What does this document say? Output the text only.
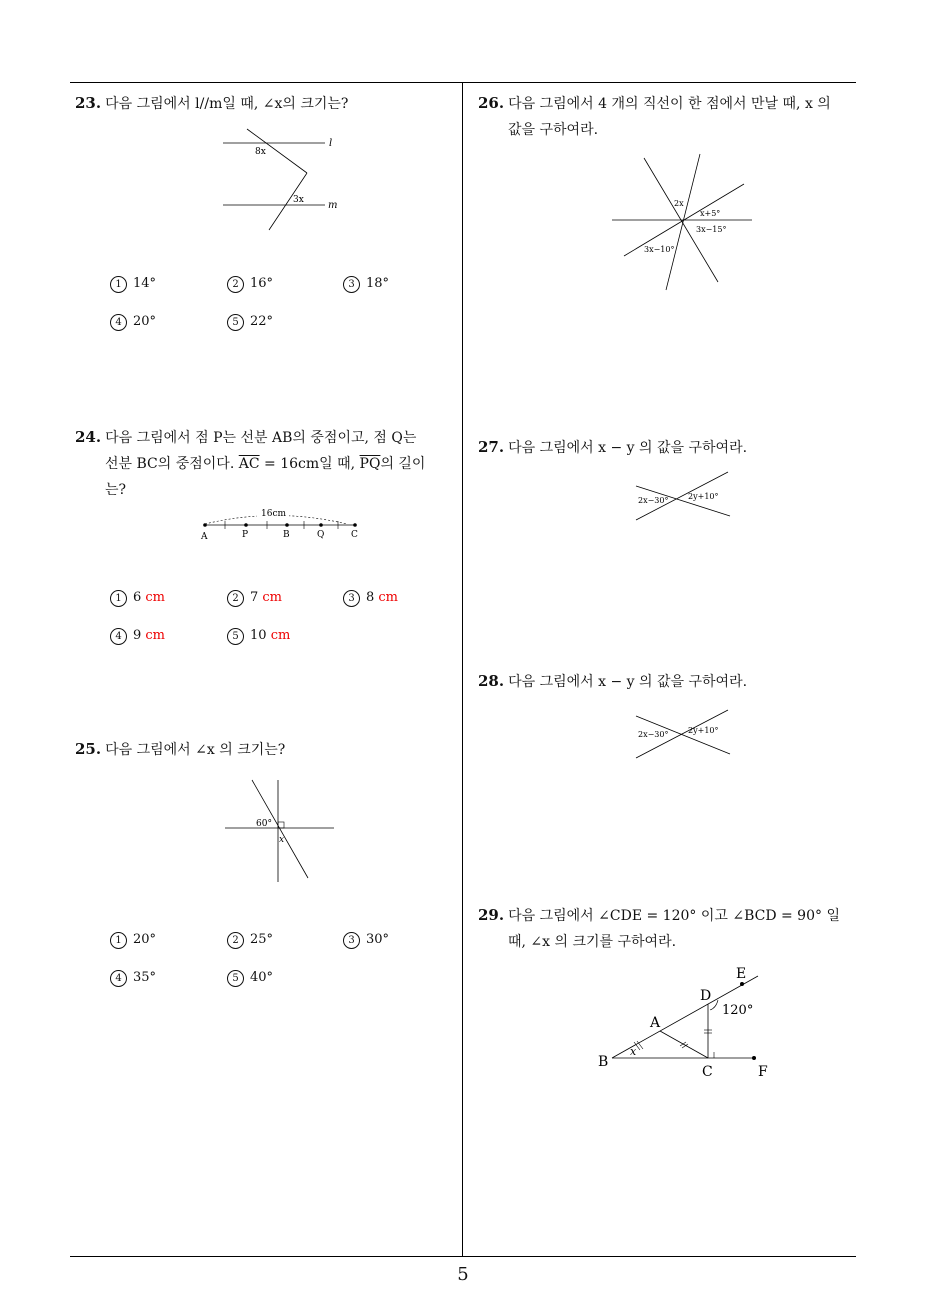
5
23. 다음 그림에서 l//m일 때, ∠x의 크기는?
l
m
8x
3x
1 14°	2 16°	3 18°
4 20°	5 22°
24. 다음 그림에서 점 P는 선분 AB의 중점이고, 점 Q는
선분 BC의 중점이다. $\overline{AC} = 16cm$일 때, $\overline{PQ}$의 길이
는?
16cm
A	P	B	Q	C
1 6 cm	2 7 cm	3 8 cm
4 9 cm	5 10 cm
25. 다음 그림에서 ∠x 의 크기는?
60°
x
1 20°	2 25°	3 30°
4 35°	5 40°
26. 다음 그림에서 4 개의 직선이 한 점에서 만날 때, x 의
값을 구하여라.
2x
x+5°
3x−15°
3x−10°
27. 다음 그림에서 x − y 의 값을 구하여라.
2x−30° 2y+10°
28. 다음 그림에서 x − y 의 값을 구하여라.
2x−30° 2y+10°
29. 다음 그림에서 ∠CDE = 120° 이고 ∠BCD = 90° 일
때, ∠x 의 크기를 구하여라.
E
D
A
B
C	F
120°
x
